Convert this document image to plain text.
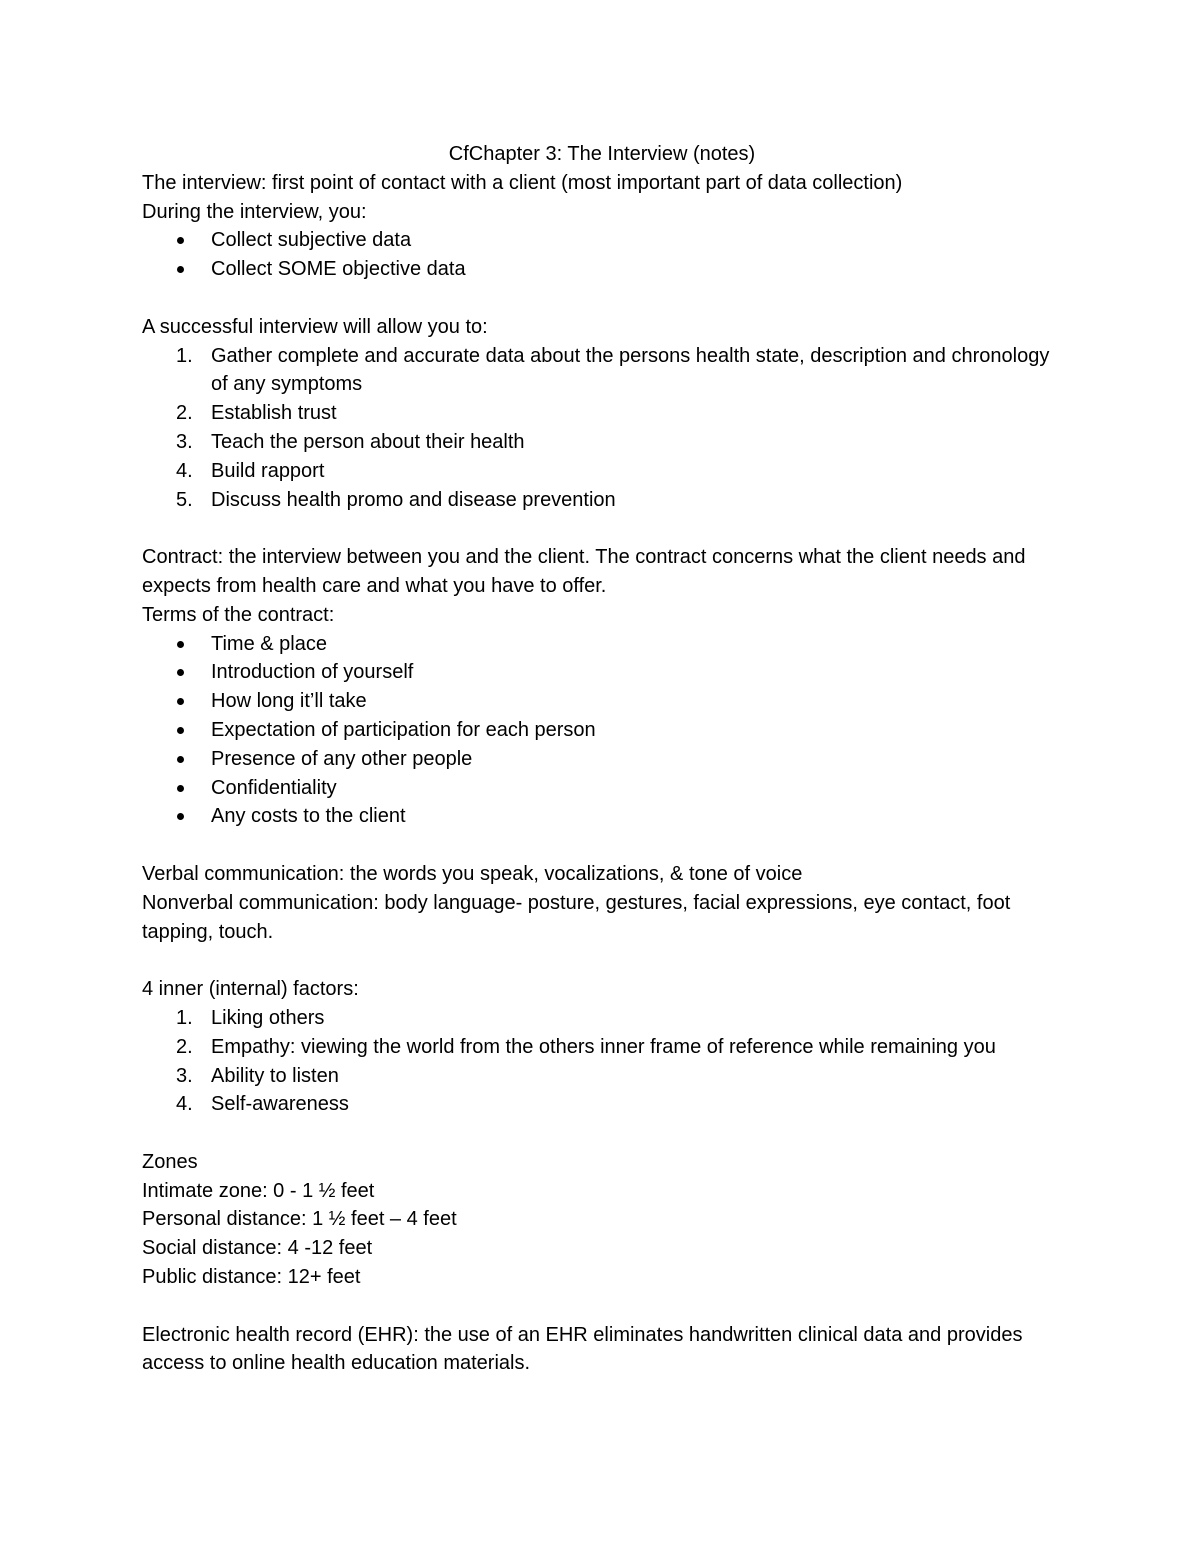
CfChapter 3: The Interview (notes)
The interview: first point of contact with a client (most important part of data collection)
During the interview, you:
Collect subjective data
Collect SOME objective data
A successful interview will allow you to:
1. Gather complete and accurate data about the persons health state, description and chronology of any symptoms
2. Establish trust
3. Teach the person about their health
4. Build rapport
5. Discuss health promo and disease prevention
Contract: the interview between you and the client. The contract concerns what the client needs and expects from health care and what you have to offer.
Terms of the contract:
Time & place
Introduction of yourself
How long it’ll take
Expectation of participation for each person
Presence of any other people
Confidentiality
Any costs to the client
Verbal communication: the words you speak, vocalizations, & tone of voice
Nonverbal communication: body language- posture, gestures, facial expressions, eye contact, foot tapping, touch.
4 inner (internal) factors:
1. Liking others
2. Empathy: viewing the world from the others inner frame of reference while remaining you
3. Ability to listen
4. Self-awareness
Zones
Intimate zone: 0 - 1 ½ feet
Personal distance: 1 ½ feet – 4 feet
Social distance: 4 -12 feet
Public distance: 12+ feet
Electronic health record (EHR): the use of an EHR eliminates handwritten clinical data and provides access to online health education materials.
